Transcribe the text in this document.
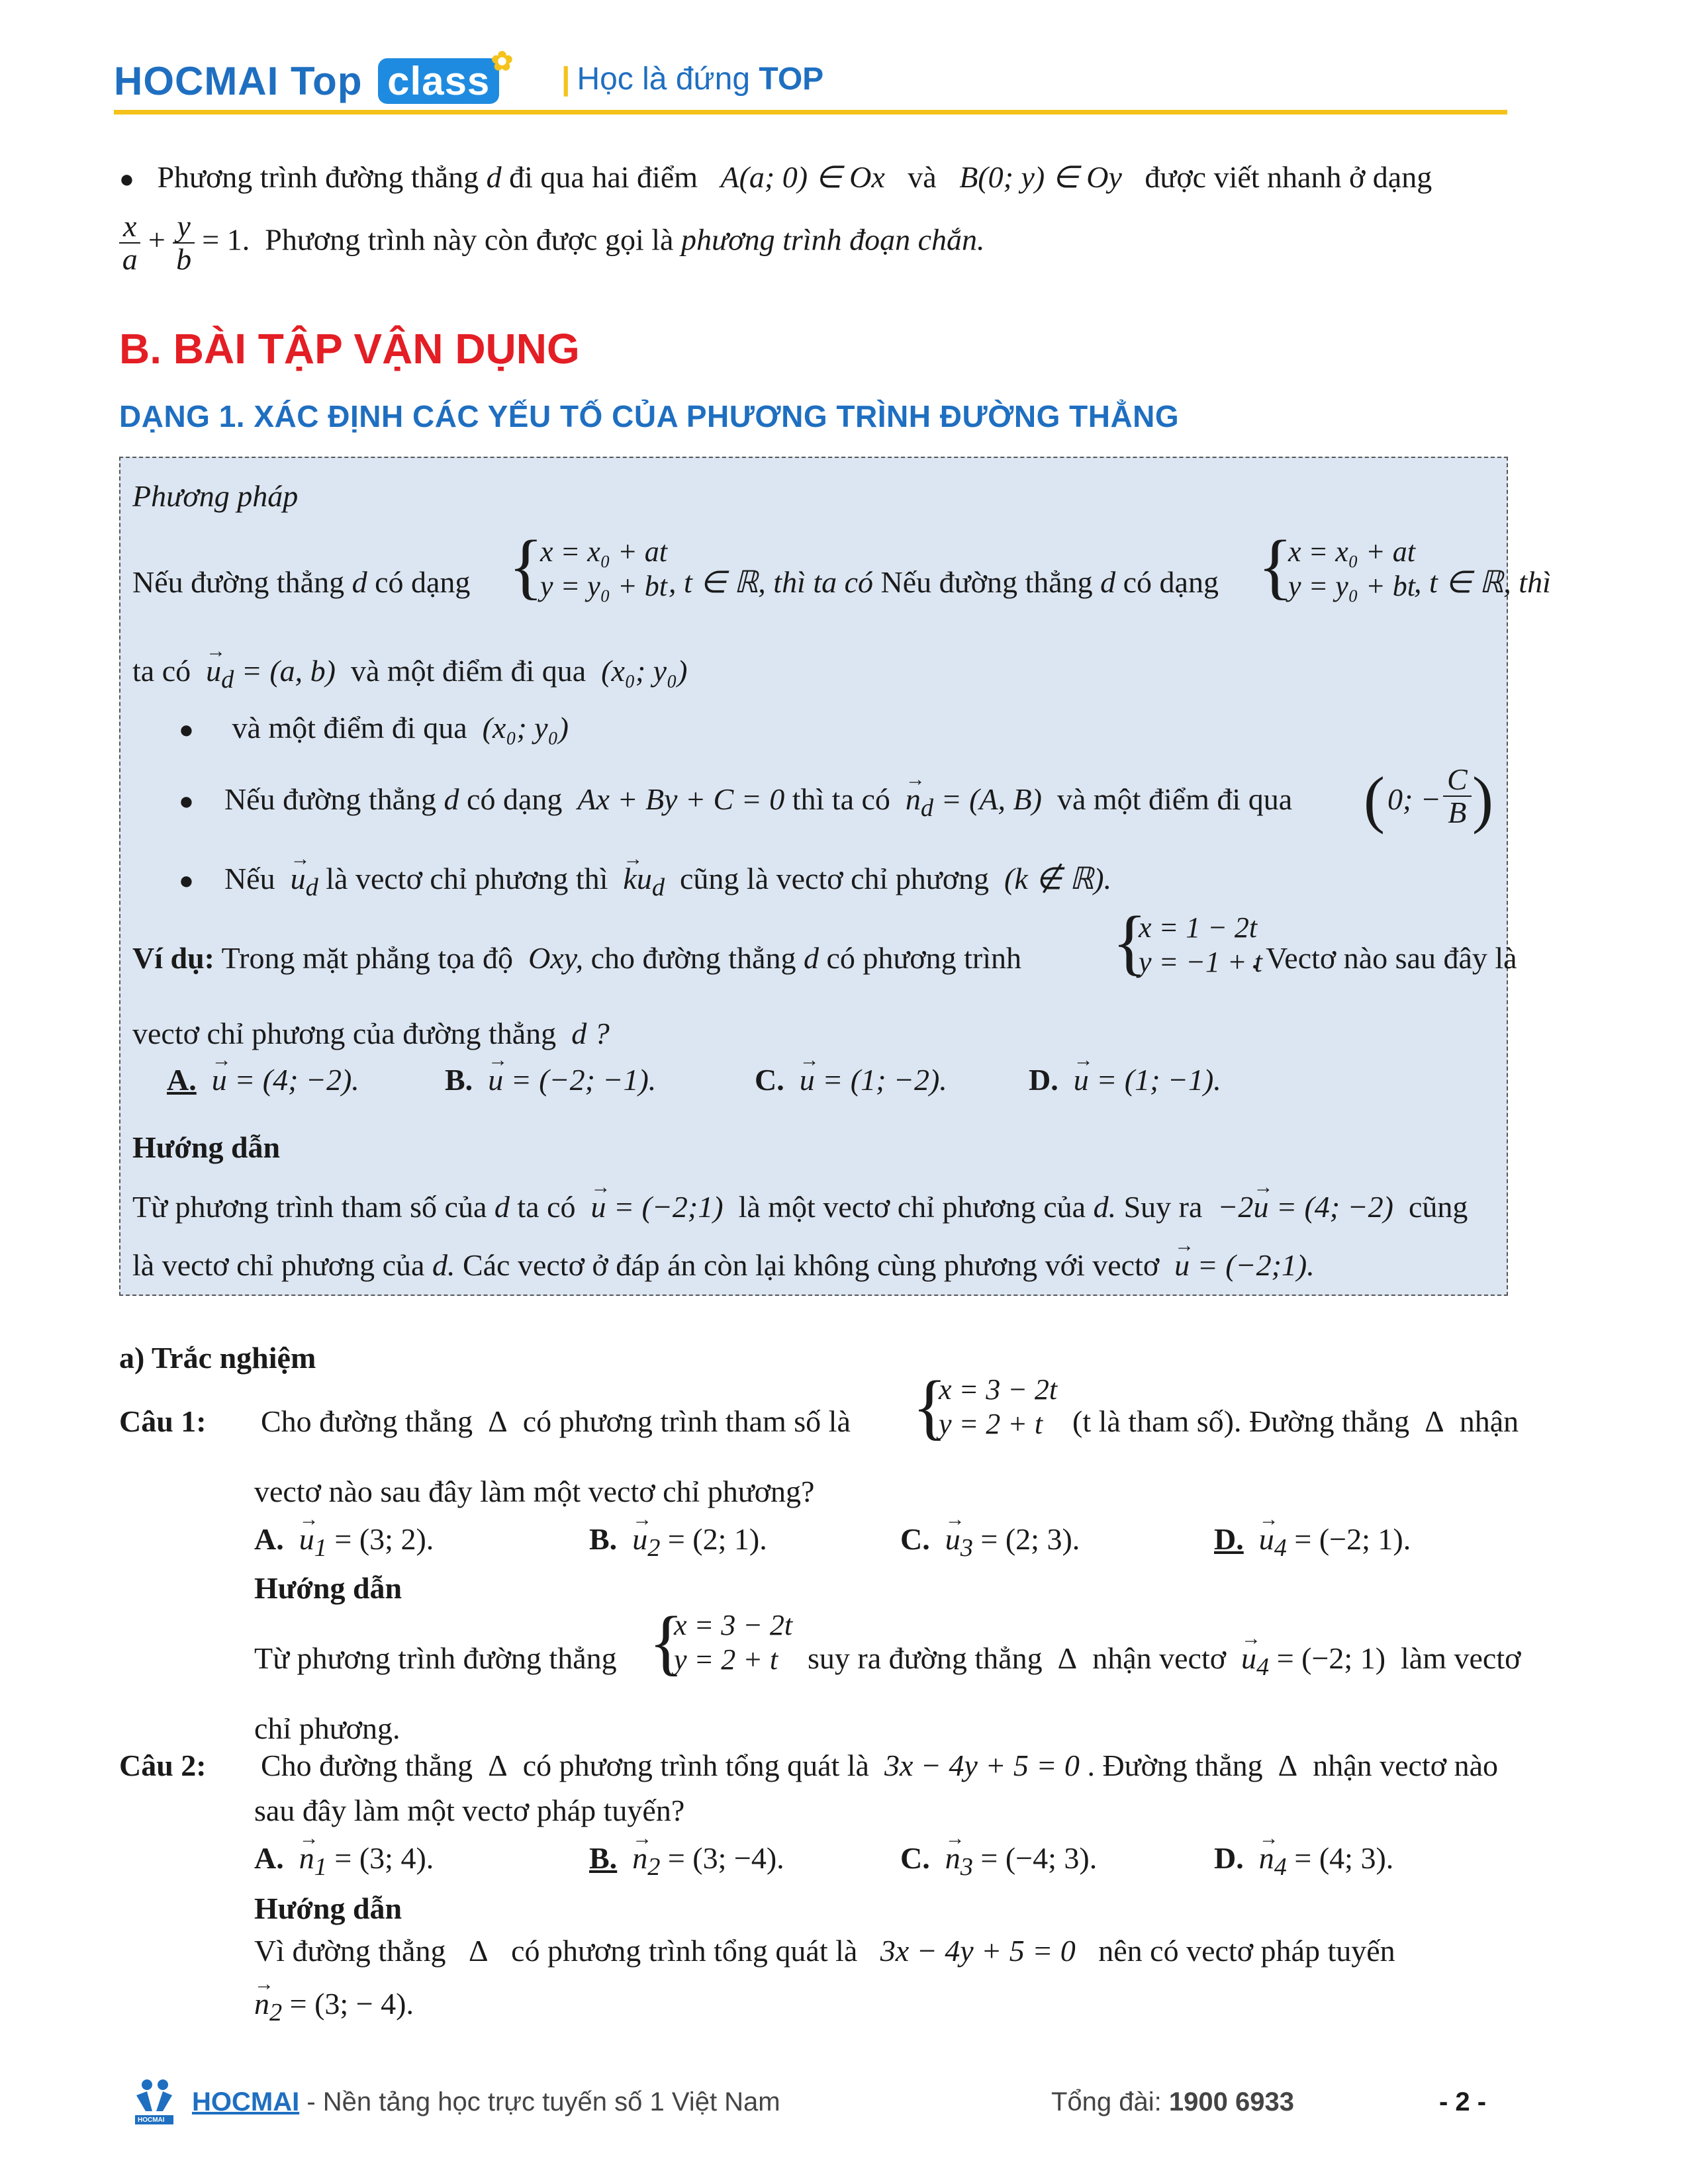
HOCMAI Top class ✿ | Học là đứng TOP
● Phương trình đường thẳng d đi qua hai điểm A(a; 0) ∈ Ox và B(0; y) ∈ Oy được viết nhanh ở dạng
$\frac{x}{a} + \frac{y}{b} = 1$. Phương trình này còn được gọi là phương trình đoạn chắn.
B. BÀI TẬP VẬN DỤNG
DẠNG 1. XÁC ĐỊNH CÁC YẾU TỐ CỦA PHƯƠNG TRÌNH ĐƯỜNG THẲNG
Phương pháp
Nếu đường thẳng d có dạng {
x = x₀ + at
y = y₀ + bt , t ∈ ℝ, thì ta có Nếu đường thẳng d có dạng {
x = x₀ + at
y = y₀ + bt
, t ∈ ℝ, thì
ta có → $u_d = (a$, b) và một điểm đi qua (x₀; y₀)
● và một điểm đi qua (x₀; y₀)
● Nếu đường thẳng d có dạng Ax + By + C = 0 thì ta có → $n_d = (A$, B) và một điểm đi qua ( 0; − $\frac{C}{B}$ )
● Nếu → $u_d$ là vectơ chỉ phương thì → $ku_d$ cũng là vectơ chỉ phương (k ∉ ℝ).
Ví dụ: Trong mặt phẳng tọa độ Oxy, cho đường thẳng d có phương trình {
x = 1 − 2t
y = −1 + t
. Vectơ nào sau đây là
vectơ chỉ phương của đường thẳng d ?
A. → u = (4; −2).	B. → u = (−2; −1).	C. → u = (1; −2).	D. → u = (1; −1).
Hướng dẫn
Từ phương trình tham số của d ta có → u = (−2;1) là một vectơ chỉ phương của d. Suy ra −2→ u = (4; −2) cũng
là vectơ chỉ phương của d. Các vectơ ở đáp án còn lại không cùng phương với vectơ → u = (−2;1).
a) Trắc nghiệm
Câu 1: Cho đường thẳng Δ có phương trình tham số là {
x = 3 − 2t
y = 2 + t (t là tham số). Đường thẳng Δ nhận
vectơ nào sau đây làm một vectơ chỉ phương?
A. → $u_1 = (3$; 2).	B. → $u_2 = (2$; 1).	C. → $u_3 = (2$; 3).	D. → $u_4 = (-2$; 1).
Hướng dẫn
Từ phương trình đường thẳng {
x = 3 − 2t
y = 2 + t suy ra đường thẳng Δ nhận vectơ → $u_4 = (-2$; 1) làm vectơ
chỉ phương.
Câu 2: Cho đường thẳng Δ có phương trình tổng quát là 3x − 4y + 5 = 0 . Đường thẳng Δ nhận vectơ nào
sau đây làm một vectơ pháp tuyến?
A. → $n_1 = (3$; 4).	B. → $n_2 = (3$; −4).	C. → $n_3 = (-4$; 3).	D. → $n_4 = (4$; 3).
Hướng dẫn
Vì đường thẳng Δ có phương trình tổng quát là 3x − 4y + 5 = 0 nên có vectơ pháp tuyến
→ $n_2 = (3$; − 4).
HOCMAI
HOCMAI - Nền tảng học trực tuyến số 1 Việt Nam	Tổng đài: 1900 6933	- 2 -
